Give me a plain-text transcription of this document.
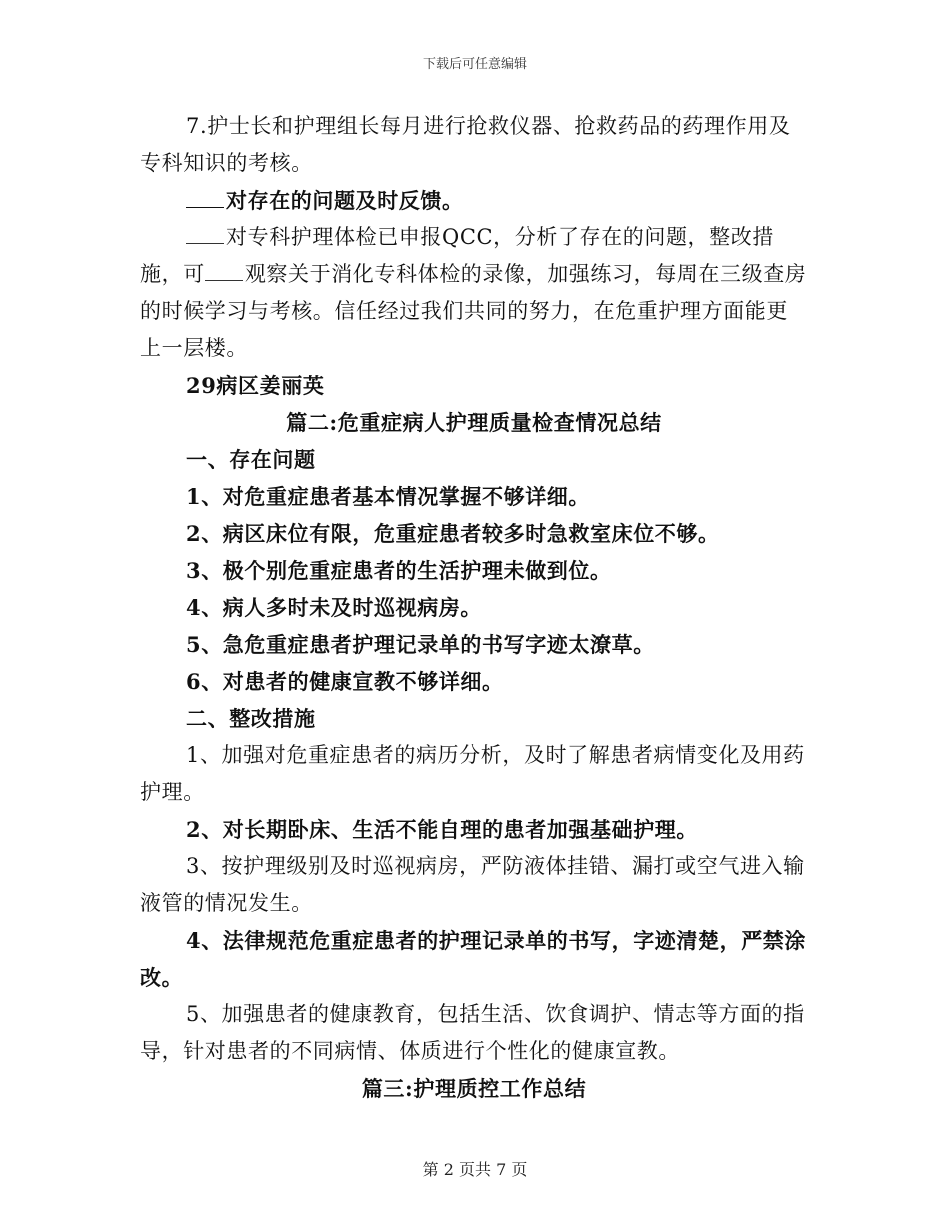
下载后可任意编辑

7.护士长和护理组长每月进行抢救仪器、抢救药品的药理作用及专科知识的考核。

对存在的问题及时反馈。

对专科护理体检已申报QCC，分析了存在的问题，整改措施，可 观察关于消化专科体检的录像，加强练习，每周在三级查房的时候学习与考核。信任经过我们共同的努力，在危重护理方面能更上一层楼。

29病区姜丽英

篇二:危重症病人护理质量检查情况总结

一、存在问题

1、对危重症患者基本情况掌握不够详细。

2、病区床位有限，危重症患者较多时急救室床位不够。

3、极个别危重症患者的生活护理未做到位。

4、病人多时未及时巡视病房。

5、急危重症患者护理记录单的书写字迹太潦草。

6、对患者的健康宣教不够详细。

二、整改措施

1、加强对危重症患者的病历分析，及时了解患者病情变化及用药护理。

2、对长期卧床、生活不能自理的患者加强基础护理。

3、按护理级别及时巡视病房，严防液体挂错、漏打或空气进入输液管的情况发生。

4、法律规范危重症患者的护理记录单的书写，字迹清楚，严禁涂改。

5、加强患者的健康教育，包括生活、饮食调护、情志等方面的指导，针对患者的不同病情、体质进行个性化的健康宣教。

篇三:护理质控工作总结

第 2 页共 7 页
